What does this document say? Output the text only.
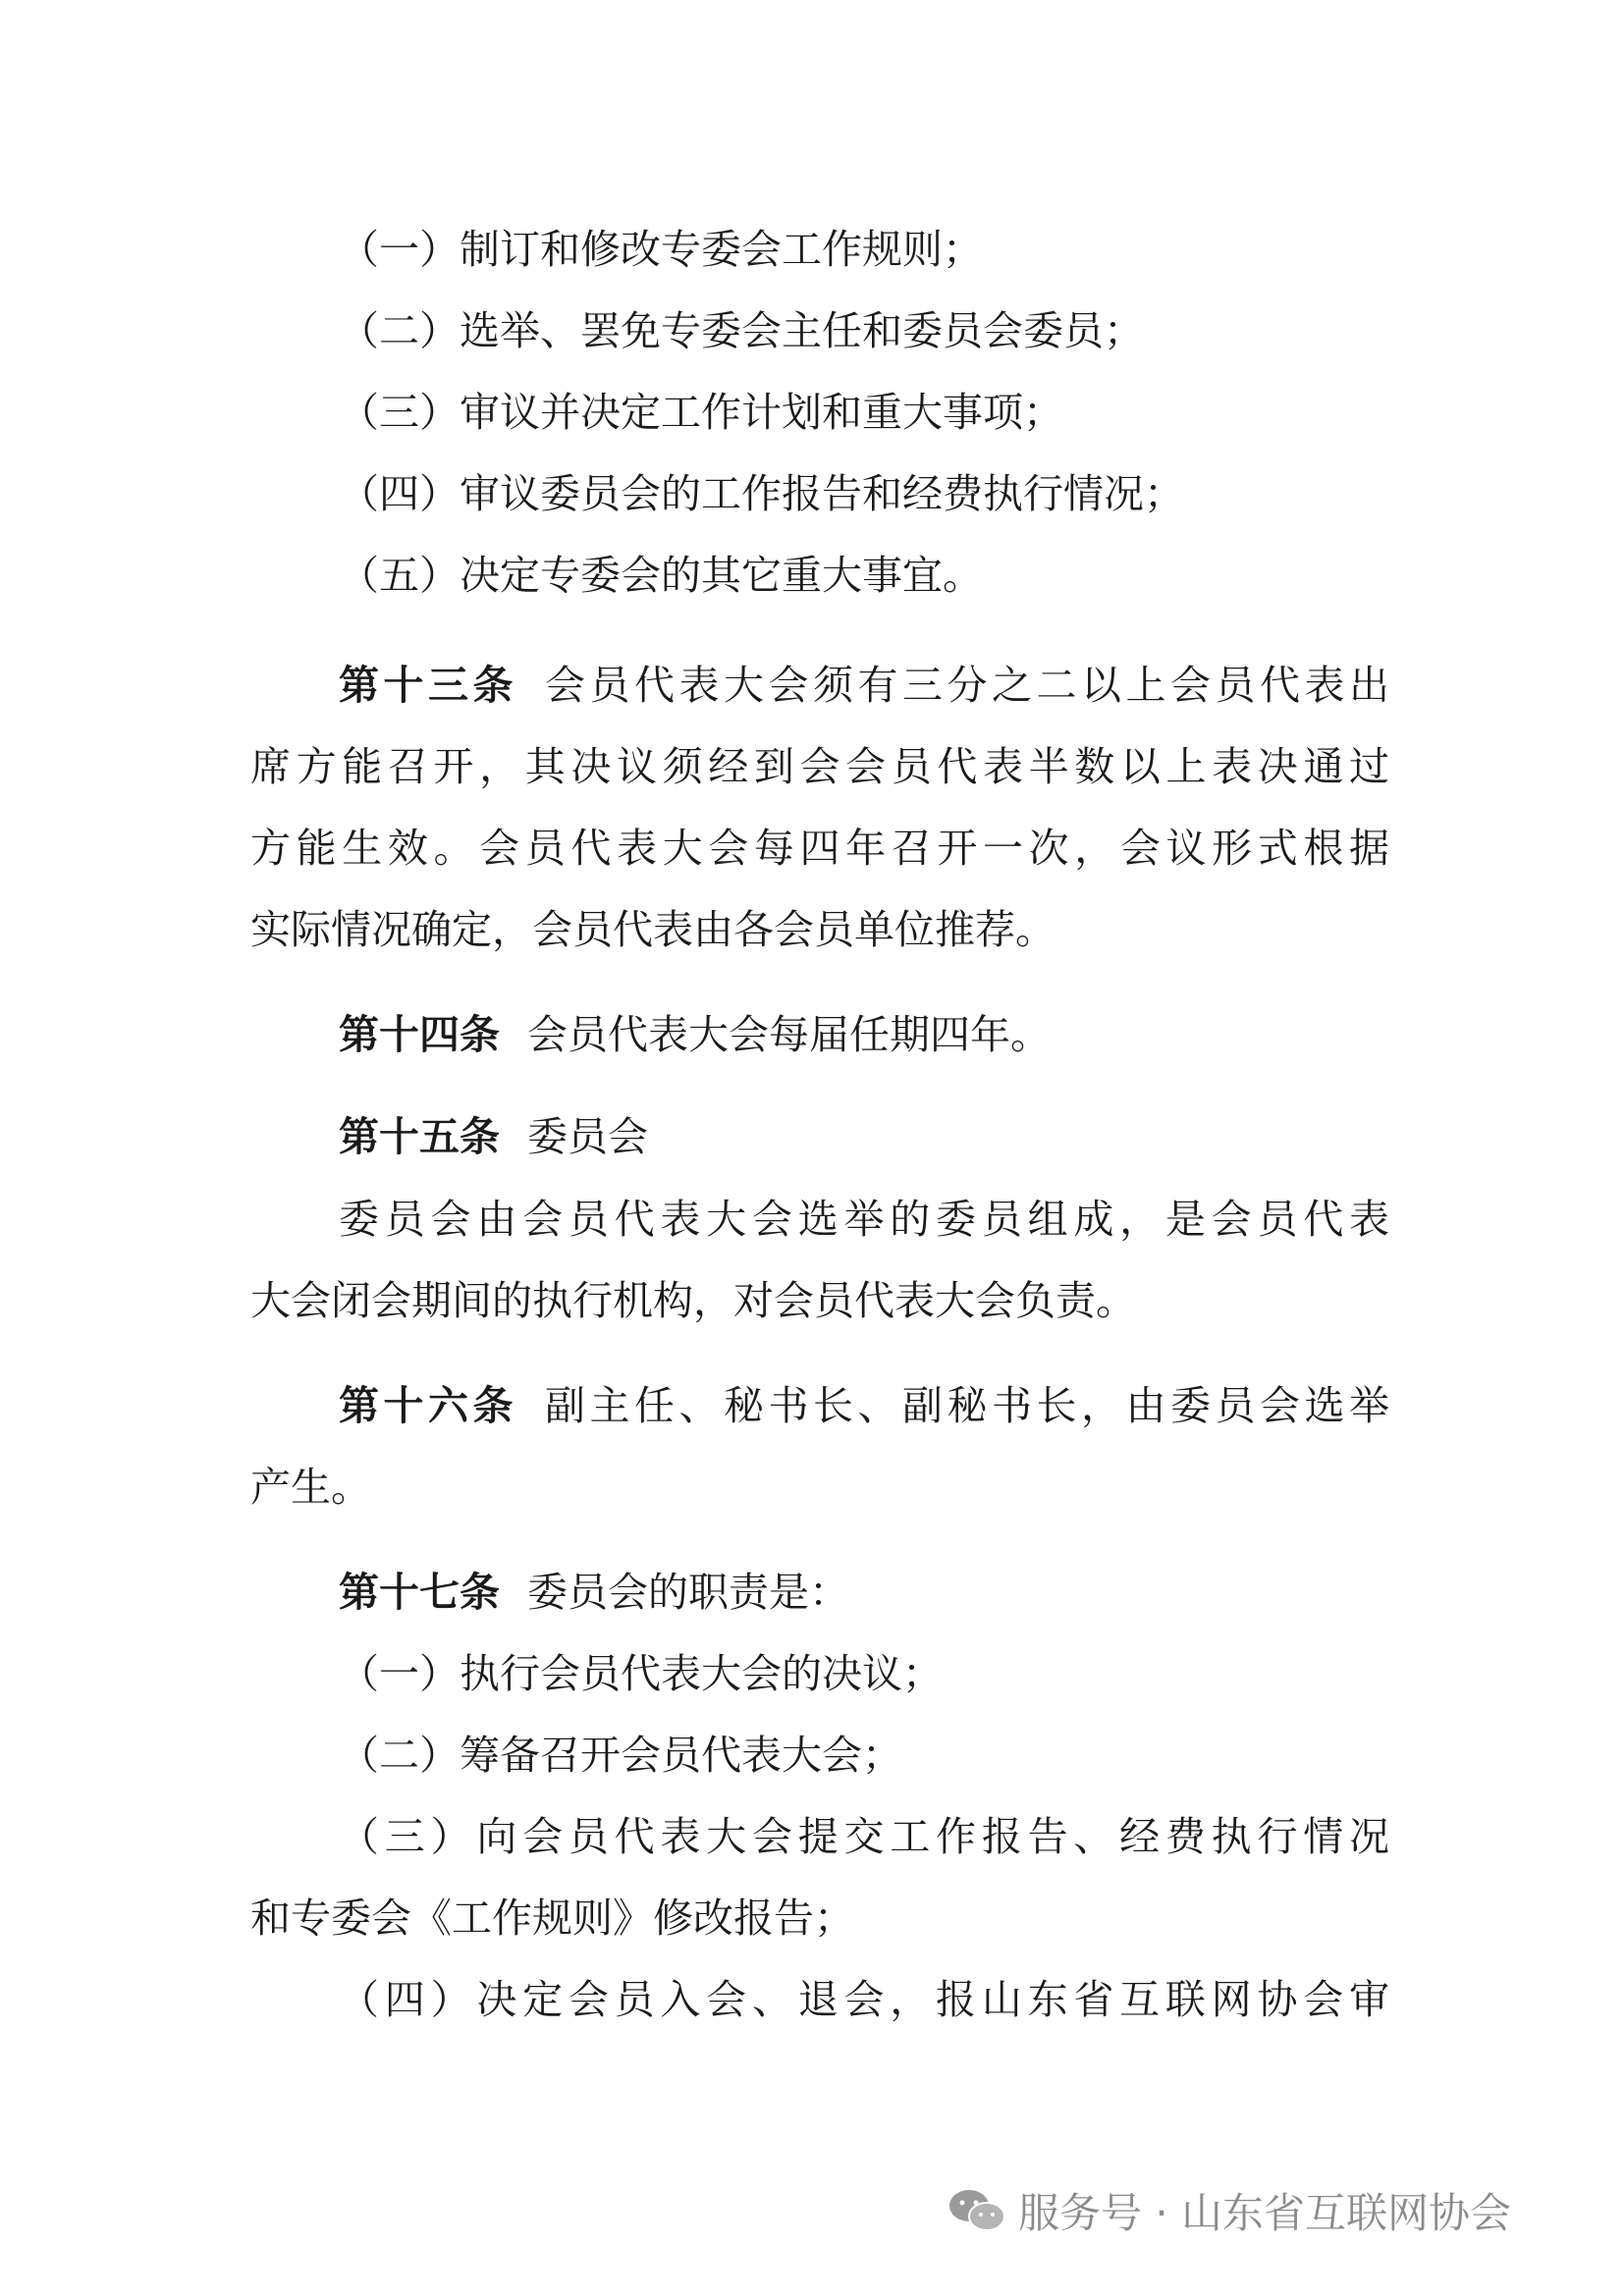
（一）制订和修改专委会工作规则；
（二）选举、罢免专委会主任和委员会委员；
（三）审议并决定工作计划和重大事项；
（四）审议委员会的工作报告和经费执行情况；
（五）决定专委会的其它重大事宜。
第十三条 会员代表大会须有三分之二以上会员代表出
席方能召开，其决议须经到会会员代表半数以上表决通过
方能生效。会员代表大会每四年召开一次，会议形式根据
实际情况确定，会员代表由各会员单位推荐。
第十四条 会员代表大会每届任期四年。
第十五条 委员会
委员会由会员代表大会选举的委员组成，是会员代表
大会闭会期间的执行机构，对会员代表大会负责。
第十六条 副主任、秘书长、副秘书长，由委员会选举
产生。
第十七条 委员会的职责是：
（一）执行会员代表大会的决议；
（二）筹备召开会员代表大会；
（三）向会员代表大会提交工作报告、经费执行情况
和专委会《工作规则》修改报告；
（四）决定会员入会、退会，报山东省互联网协会审
服务号 · 山东省互联网协会
